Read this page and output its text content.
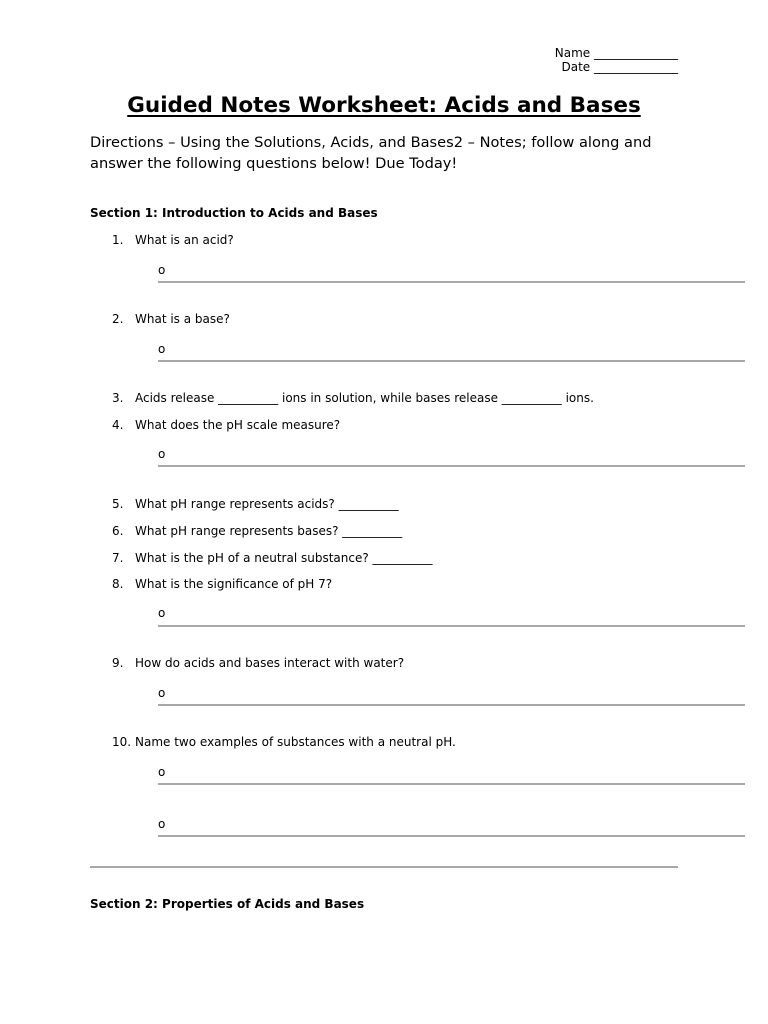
Name ______________
Date ______________
Guided Notes Worksheet: Acids and Bases
Directions – Using the Solutions, Acids, and Bases2 – Notes; follow along and answer the following questions below! Due Today!
Section 1: Introduction to Acids and Bases
1. What is an acid?
o
2. What is a base?
o
3. Acids release __________ ions in solution, while bases release __________ ions.
4. What does the pH scale measure?
o
5. What pH range represents acids? __________
6. What pH range represents bases? __________
7. What is the pH of a neutral substance? __________
8. What is the significance of pH 7?
o
9. How do acids and bases interact with water?
o
10. Name two examples of substances with a neutral pH.
o
o
Section 2: Properties of Acids and Bases
